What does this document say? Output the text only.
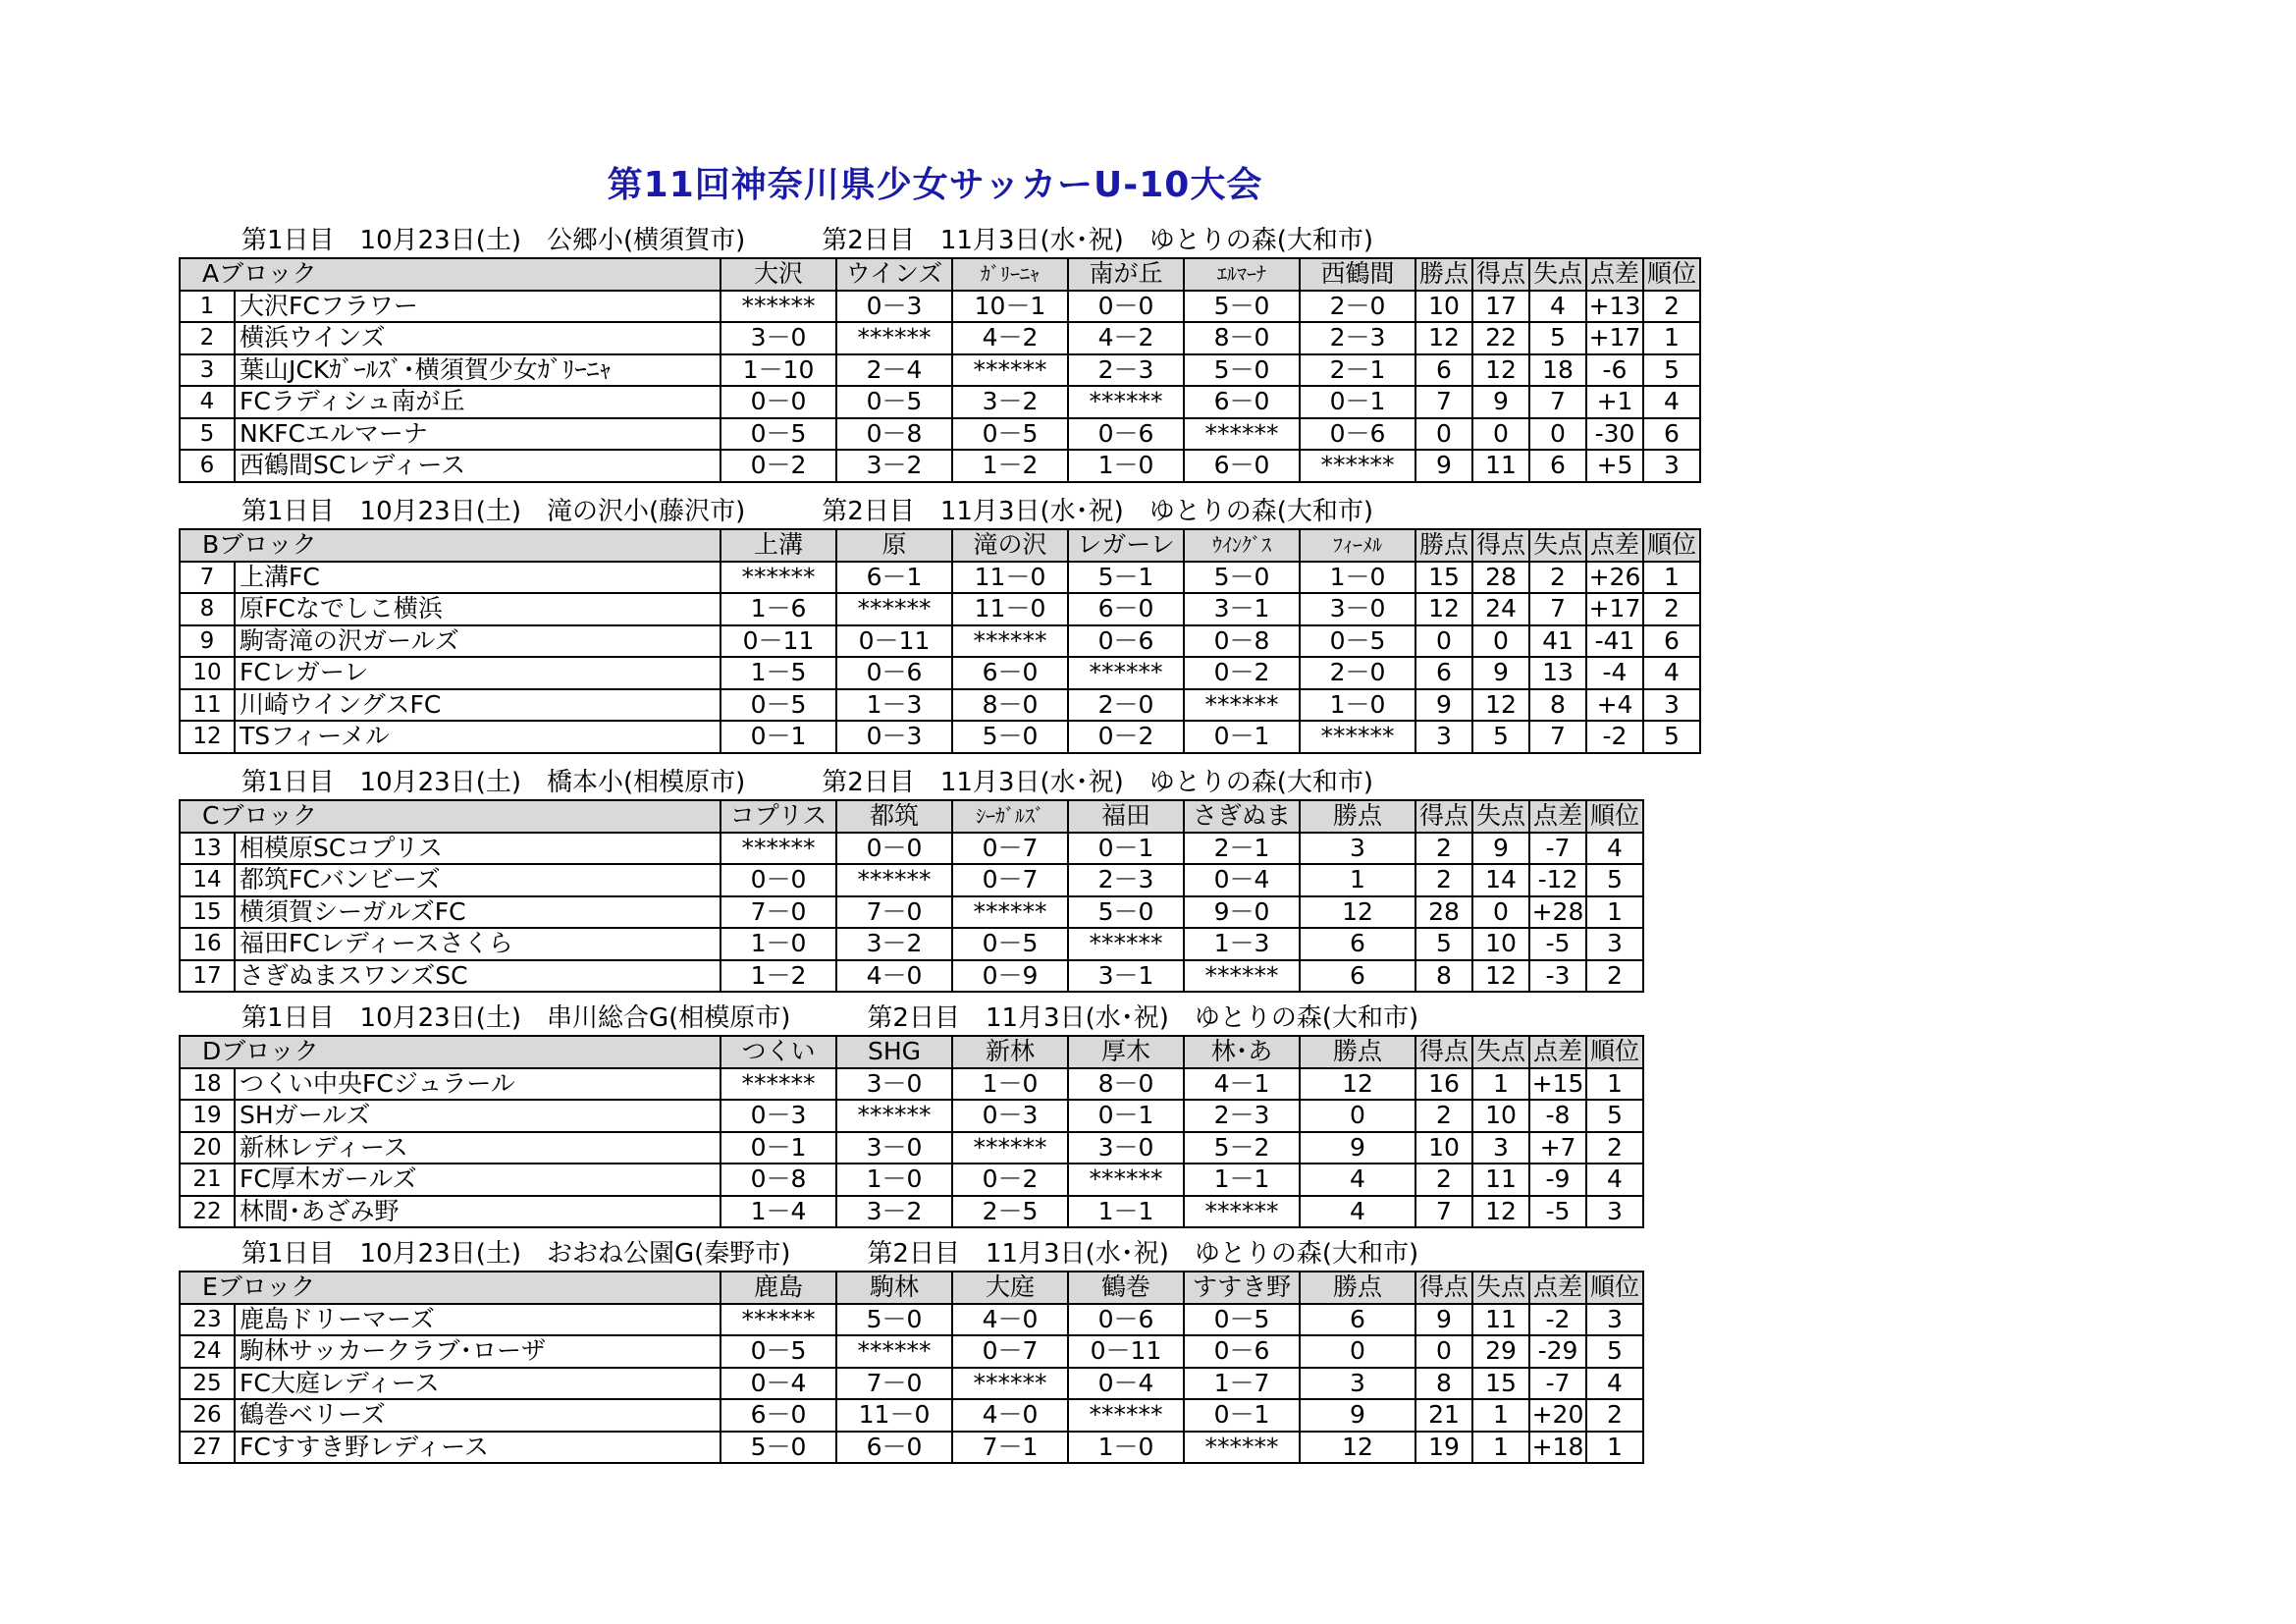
第11回神奈川県少女サッカーU-10大会
第1日目　10月23日(土)　公郷小(横須賀市)　　　第2日目　11月3日(水･祝)　ゆとりの森(大和市)
Aブロック		大沢	ウインズ	ｶﾞﾘｰﾆｬ	南が丘	ｴﾙﾏｰﾅ	西鶴間	勝点	得点	失点	点差	順位
1	大沢FCフラワー	******	0－3	10－1	0－0	5－0	2－0	10	17	4	+13	2
2	横浜ウインズ	3－0	******	4－2	4－2	8－0	2－3	12	22	5	+17	1
3	葉山JCKｶﾞｰﾙｽﾞ･横須賀少女ｶﾞﾘｰﾆｬ	1－10	2－4	******	2－3	5－0	2－1	6	12	18	-6	5
4	FCラディシュ南が丘	0－0	0－5	3－2	******	6－0	0－1	7	9	7	+1	4
5	NKFCエルマーナ	0－5	0－8	0－5	0－6	******	0－6	0	0	0	-30	6
6	西鶴間SCレディース	0－2	3－2	1－2	1－0	6－0	******	9	11	6	+5	3
第1日目　10月23日(土)　滝の沢小(藤沢市)　　　第2日目　11月3日(水･祝)　ゆとりの森(大和市)
Bブロック		上溝	原	滝の沢	レガーレ	ｳｲﾝｸﾞｽ	ﾌｨｰﾒﾙ	勝点	得点	失点	点差	順位
7	上溝FC	******	6－1	11－0	5－1	5－0	1－0	15	28	2	+26	1
8	原FCなでしこ横浜	1－6	******	11－0	6－0	3－1	3－0	12	24	7	+17	2
9	駒寄滝の沢ガールズ	0－11	0－11	******	0－6	0－8	0－5	0	0	41	-41	6
10	FCレガーレ	1－5	0－6	6－0	******	0－2	2－0	6	9	13	-4	4
11	川崎ウイングスFC	0－5	1－3	8－0	2－0	******	1－0	9	12	8	+4	3
12	TSフィーメル	0－1	0－3	5－0	0－2	0－1	******	3	5	7	-2	5
第1日目　10月23日(土)　橋本小(相模原市)　　　第2日目　11月3日(水･祝)　ゆとりの森(大和市)
Cブロック		コプリス	都筑	ｼｰｶﾞﾙｽﾞ	福田	さぎぬま	勝点	得点	失点	点差	順位
13	相模原SCコプリス	******	0－0	0－7	0－1	2－1	3	2	9	-7	4
14	都筑FCバンビーズ	0－0	******	0－7	2－3	0－4	1	2	14	-12	5
15	横須賀シーガルズFC	7－0	7－0	******	5－0	9－0	12	28	0	+28	1
16	福田FCレディースさくら	1－0	3－2	0－5	******	1－3	6	5	10	-5	3
17	さぎぬまスワンズSC	1－2	4－0	0－9	3－1	******	6	8	12	-3	2
第1日目　10月23日(土)　串川総合G(相模原市)　　　第2日目　11月3日(水･祝)　ゆとりの森(大和市)
Dブロック		つくい	SHG	新林	厚木	林･あ	勝点	得点	失点	点差	順位
18	つくい中央FCジュラール	******	3－0	1－0	8－0	4－1	12	16	1	+15	1
19	SHガールズ	0－3	******	0－3	0－1	2－3	0	2	10	-8	5
20	新林レディース	0－1	3－0	******	3－0	5－2	9	10	3	+7	2
21	FC厚木ガールズ	0－8	1－0	0－2	******	1－1	4	2	11	-9	4
22	林間･あざみ野	1－4	3－2	2－5	1－1	******	4	7	12	-5	3
第1日目　10月23日(土)　おおね公園G(秦野市)　　　第2日目　11月3日(水･祝)　ゆとりの森(大和市)
Eブロック		鹿島	駒林	大庭	鶴巻	すすき野	勝点	得点	失点	点差	順位
23	鹿島ドリーマーズ	******	5－0	4－0	0－6	0－5	6	9	11	-2	3
24	駒林サッカークラブ･ローザ	0－5	******	0－7	0－11	0－6	0	0	29	-29	5
25	FC大庭レディース	0－4	7－0	******	0－4	1－7	3	8	15	-7	4
26	鶴巻ベリーズ	6－0	11－0	4－0	******	0－1	9	21	1	+20	2
27	FCすすき野レディース	5－0	6－0	7－1	1－0	******	12	19	1	+18	1
